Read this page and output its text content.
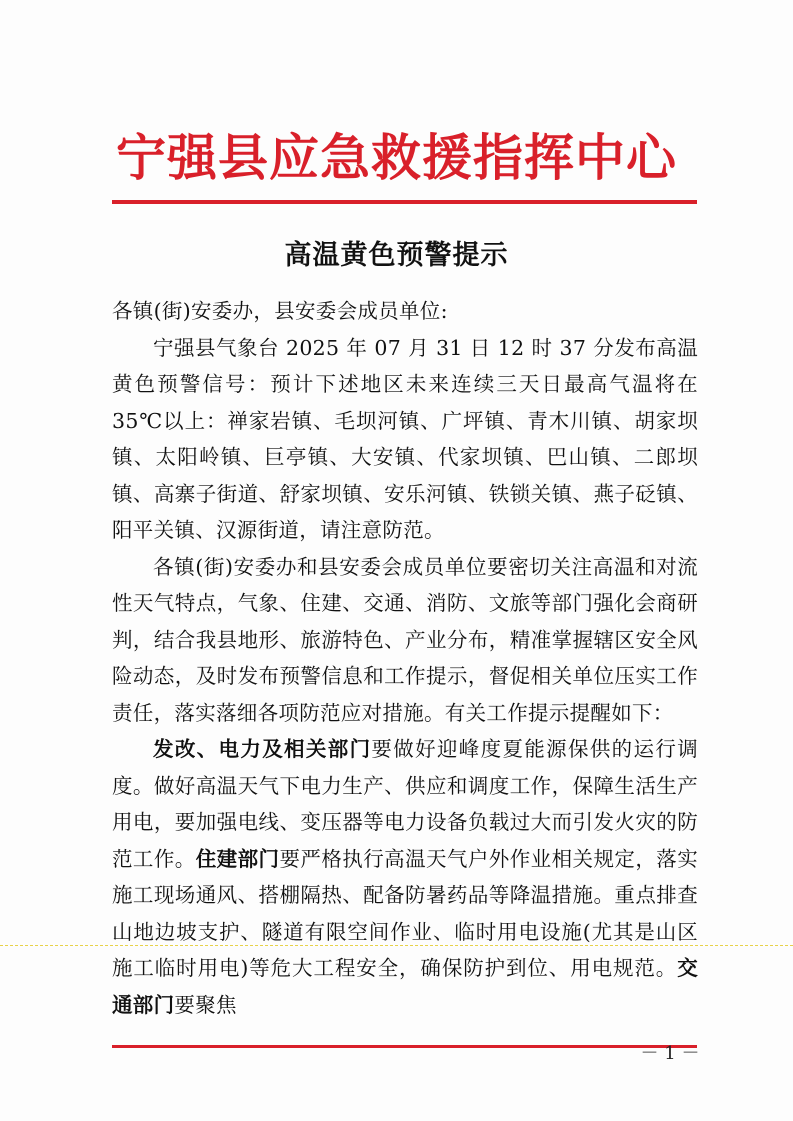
宁强县应急救援指挥中心
高温黄色预警提示

各镇(街)安委办，县安委会成员单位:

宁强县气象台 2025 年 07 月 31 日 12 时 37 分发布高温黄色预警信号：预计下述地区未来连续三天日最高气温将在 35℃以上：禅家岩镇、毛坝河镇、广坪镇、青木川镇、胡家坝镇、太阳岭镇、巨亭镇、大安镇、代家坝镇、巴山镇、二郎坝镇、高寨子街道、舒家坝镇、安乐河镇、铁锁关镇、燕子砭镇、阳平关镇、汉源街道，请注意防范。

各镇(街)安委办和县安委会成员单位要密切关注高温和对流性天气特点，气象、住建、交通、消防、文旅等部门强化会商研判，结合我县地形、旅游特色、产业分布，精准掌握辖区安全风险动态，及时发布预警信息和工作提示，督促相关单位压实工作责任，落实落细各项防范应对措施。有关工作提示提醒如下：

发改、电力及相关部门要做好迎峰度夏能源保供的运行调度。做好高温天气下电力生产、供应和调度工作，保障生活生产用电，要加强电线、变压器等电力设备负载过大而引发火灾的防范工作。住建部门要严格执行高温天气户外作业相关规定，落实施工现场通风、搭棚隔热、配备防暑药品等降温措施。重点排查山地边坡支护、隧道有限空间作业、临时用电设施(尤其是山区施工临时用电)等危大工程安全，确保防护到位、用电规范。交通部门要聚焦

－ 1 －
